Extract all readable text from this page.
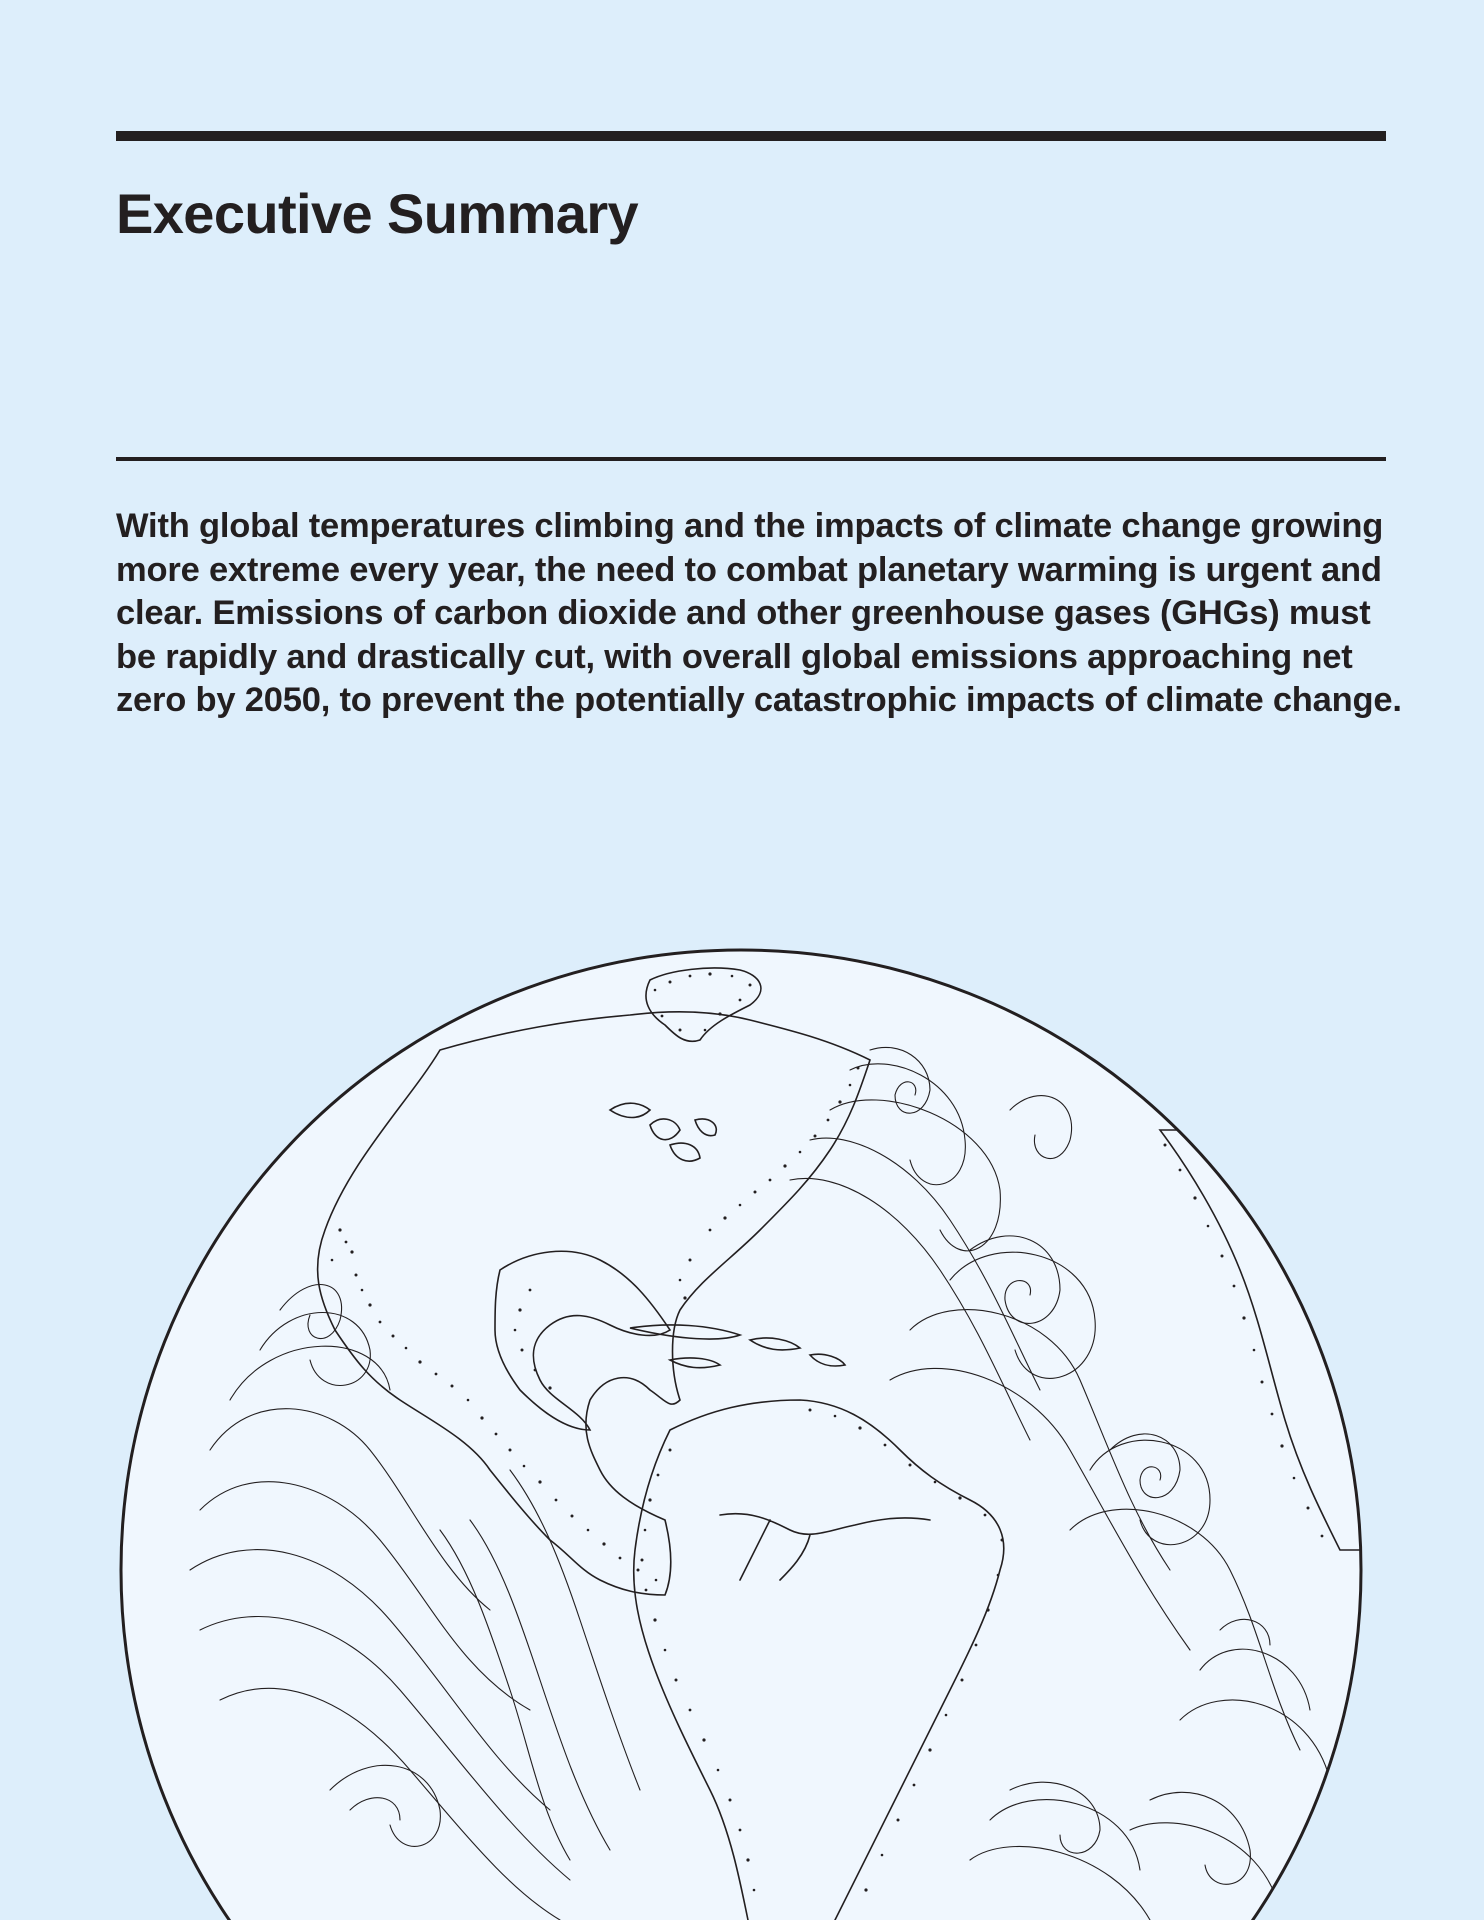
Executive Summary

With global temperatures climbing and the impacts of climate change growing more extreme every year, the need to combat planetary warming is urgent and clear. Emissions of carbon dioxide and other greenhouse gases (GHGs) must be rapidly and drastically cut, with overall global emissions approaching net zero by 2050, to prevent the potentially catastrophic impacts of climate change.
